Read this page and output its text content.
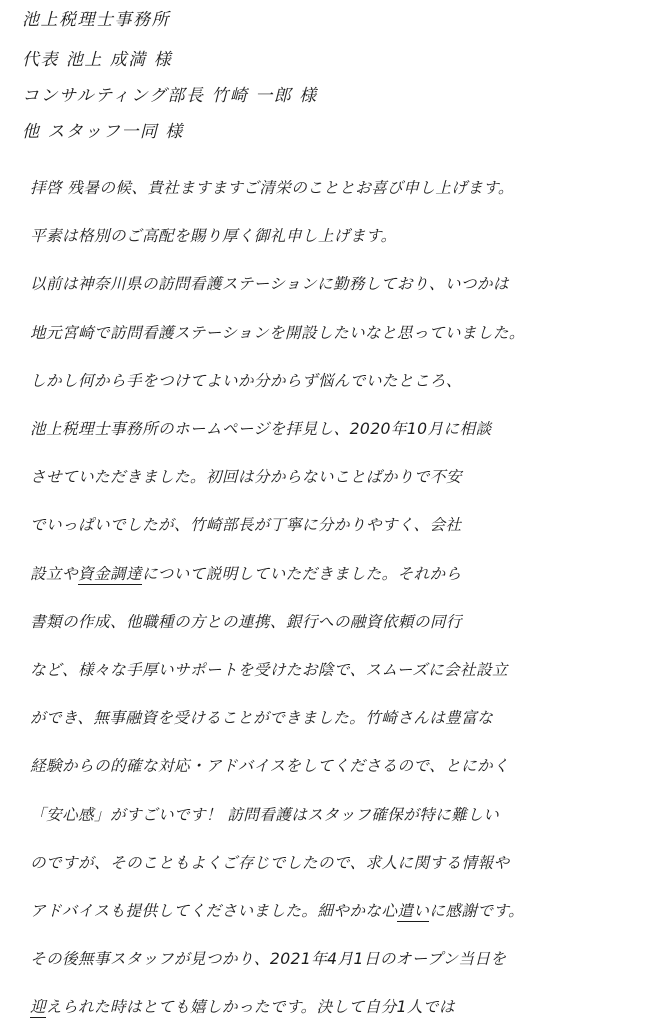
池上税理士事務所
代表 池上 成満 様
コンサルティング部長 竹崎 一郎 様
他 スタッフ一同 様
拝啓 残暑の候、貴社ますますご清栄のこととお喜び申し上げます。
平素は格別のご高配を賜り厚く御礼申し上げます。
以前は神奈川県の訪問看護ステーションに勤務しており、いつかは
地元宮崎で訪問看護ステーションを開設したいなと思っていました。
しかし何から手をつけてよいか分からず悩んでいたところ、
池上税理士事務所のホームページを拝見し、2020年10月に相談
させていただきました。初回は分からないことばかりで不安
でいっぱいでしたが、竹崎部長が丁寧に分かりやすく、会社
設立や資金調達について説明していただきました。それから
書類の作成、他職種の方との連携、銀行への融資依頼の同行
など、様々な手厚いサポートを受けたお陰で、スムーズに会社設立
ができ、無事融資を受けることができました。竹崎さんは豊富な
経験からの的確な対応・アドバイスをしてくださるので、とにかく
「安心感」がすごいです！ 訪問看護はスタッフ確保が特に難しい
のですが、そのこともよくご存じでしたので、求人に関する情報や
アドバイスも提供してくださいました。細やかな心遣いに感謝です。
その後無事スタッフが見つかり、2021年4月1日のオープン当日を
迎えられた時はとても嬉しかったです。決して自分1人では
